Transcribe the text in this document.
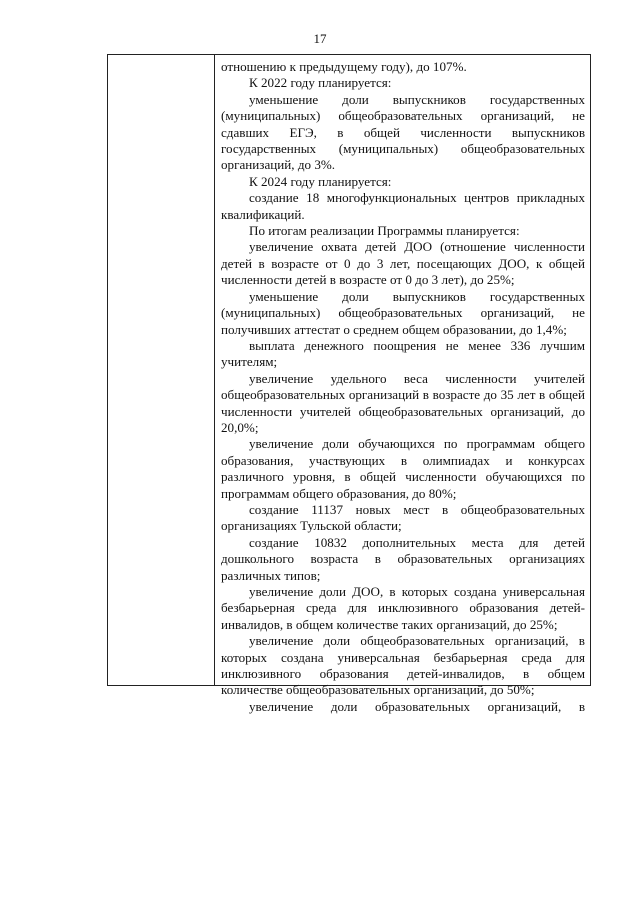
17

отношению к предыдущему году), до 107%.

К 2022 году планируется:

уменьшение доли выпускников государственных (муниципальных) общеобразовательных организаций, не сдавших ЕГЭ, в общей численности выпускников государственных (муниципальных) общеобразовательных организаций, до 3%.

К 2024 году планируется:

создание 18 многофункциональных центров прикладных квалификаций.

По итогам реализации Программы планируется:

увеличение охвата детей ДОО (отношение численности детей в возрасте от 0 до 3 лет, посещающих ДОО, к общей численности детей в возрасте от 0 до 3 лет), до 25%;

уменьшение доли выпускников государственных (муниципальных) общеобразовательных организаций, не получивших аттестат о среднем общем образовании, до 1,4%;

выплата денежного поощрения не менее 336 лучшим учителям;

увеличение удельного веса численности учителей общеобразовательных организаций в возрасте до 35 лет в общей численности учителей общеобразовательных организаций, до 20,0%;

увеличение доли обучающихся по программам общего образования, участвующих в олимпиадах и конкурсах различного уровня, в общей численности обучающихся по программам общего образования, до 80%;

создание 11137 новых мест в общеобразовательных организациях Тульской области;

создание 10832 дополнительных места для детей дошкольного возраста в образовательных организациях различных типов;

увеличение доли ДОО, в которых создана универсальная безбарьерная среда для инклюзивного образования детей-инвалидов, в общем количестве таких организаций, до 25%;

увеличение доли общеобразовательных организаций, в которых создана универсальная безбарьерная среда для инклюзивного образования детей-инвалидов, в общем количестве общеобразовательных организаций, до 50%;

увеличение доли образовательных организаций, в
